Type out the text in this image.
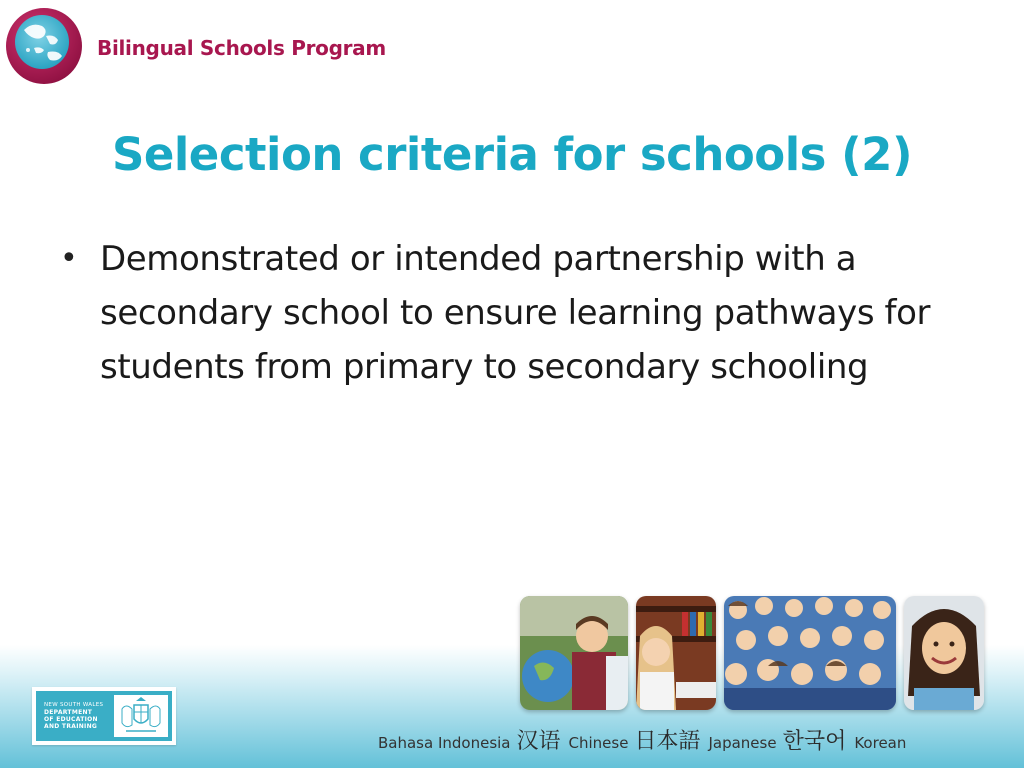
Bilingual Schools Program
Selection criteria for schools (2)
• Demonstrated or intended partnership with a secondary school to ensure learning pathways for students from primary to secondary schooling
NEW SOUTH WALES
DEPARTMENT
OF EDUCATION
AND TRAINING
Bahasa Indonesia 汉语 Chinese 日本語 Japanese 한국어 Korean
